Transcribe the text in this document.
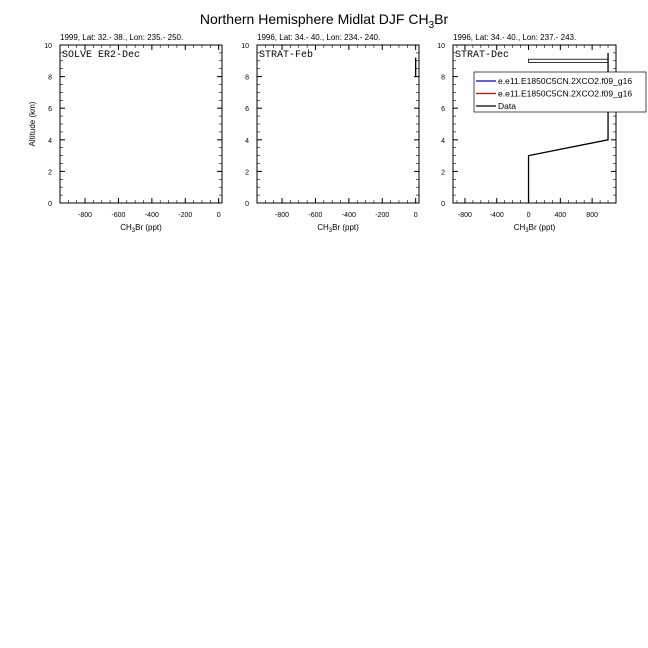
Northern Hemisphere Midlat DJF $CH_3Br$
1999, Lat: 32.- 38., Lon: 235.- 250.
SOLVE ER2-Dec
0
2
4
6
8
10
-800	-600	-400	-200	0
$CH_3Br$ (ppt)
Altitude (km)
1996, Lat: 34.- 40., Lon: 234.- 240.
STRAT-Feb
0
2
4
6
8
10
-800	-600	-400	-200	0
$CH_3Br$ (ppt)
1996, Lat: 34.- 40., Lon: 237.- 243.
STRAT-Dec
0
2
4
6
8
10
-800	-400	0	400	800
$CH_3Br$ (ppt)
e.e11.E1850C5CN.2XCO2.f09_g16
e.e11.E1850C5CN.2XCO2.f09_g16
Data
